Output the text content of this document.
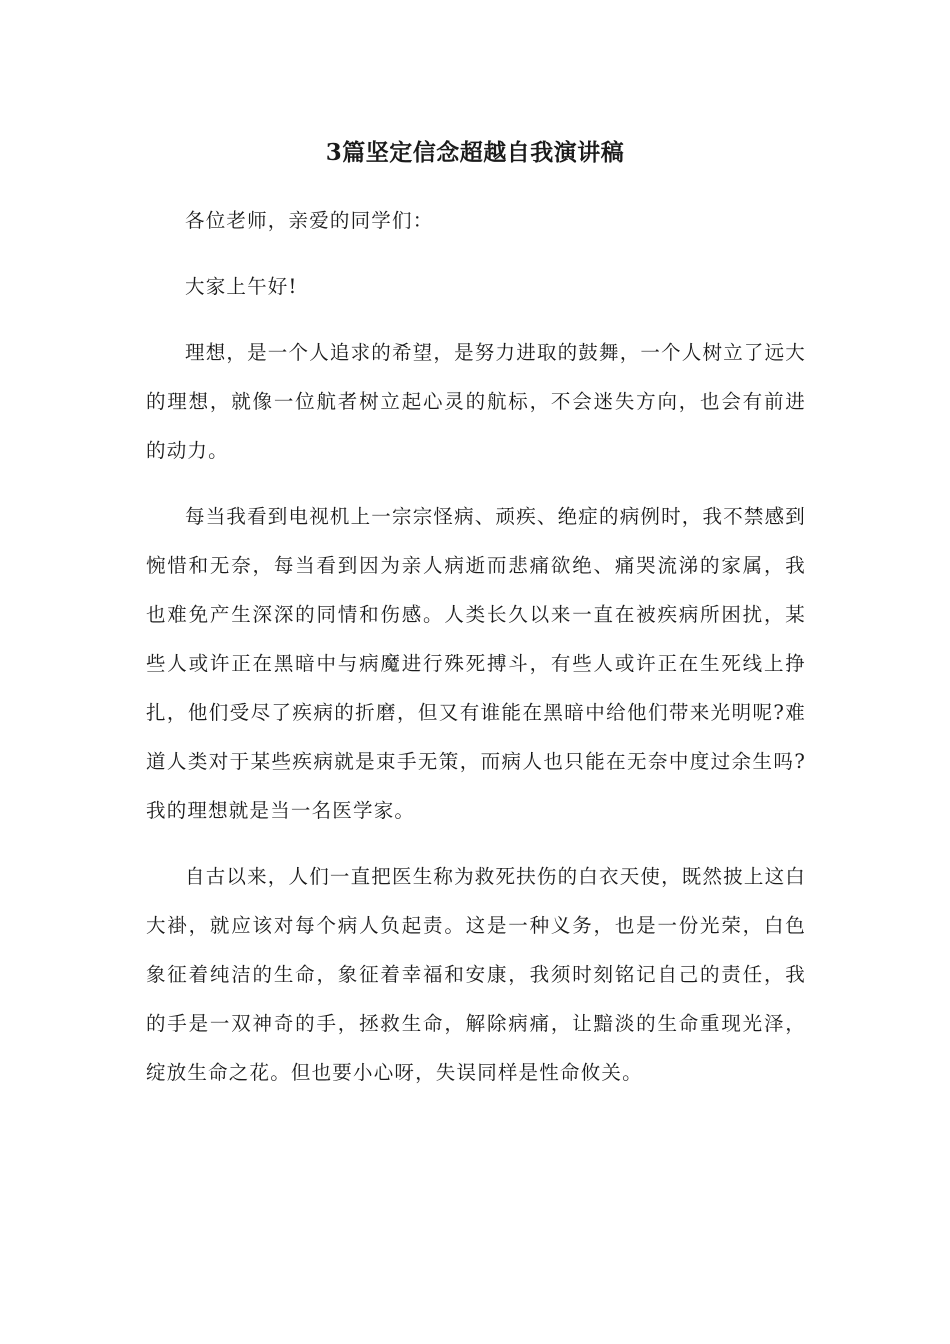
3篇坚定信念超越自我演讲稿

各位老师，亲爱的同学们：

大家上午好!

理想，是一个人追求的希望，是努力进取的鼓舞，一个人树立了远大的理想，就像一位航者树立起心灵的航标，不会迷失方向，也会有前进的动力。

每当我看到电视机上一宗宗怪病、顽疾、绝症的病例时，我不禁感到惋惜和无奈，每当看到因为亲人病逝而悲痛欲绝、痛哭流涕的家属，我也难免产生深深的同情和伤感。人类长久以来一直在被疾病所困扰，某些人或许正在黑暗中与病魔进行殊死搏斗，有些人或许正在生死线上挣扎，他们受尽了疾病的折磨，但又有谁能在黑暗中给他们带来光明呢?难道人类对于某些疾病就是束手无策，而病人也只能在无奈中度过余生吗?我的理想就是当一名医学家。

自古以来，人们一直把医生称为救死扶伤的白衣天使，既然披上这白大褂，就应该对每个病人负起责。这是一种义务，也是一份光荣，白色象征着纯洁的生命，象征着幸福和安康，我须时刻铭记自己的责任，我的手是一双神奇的手，拯救生命，解除病痛，让黯淡的生命重现光泽，绽放生命之花。但也要小心呀，失误同样是性命攸关。
